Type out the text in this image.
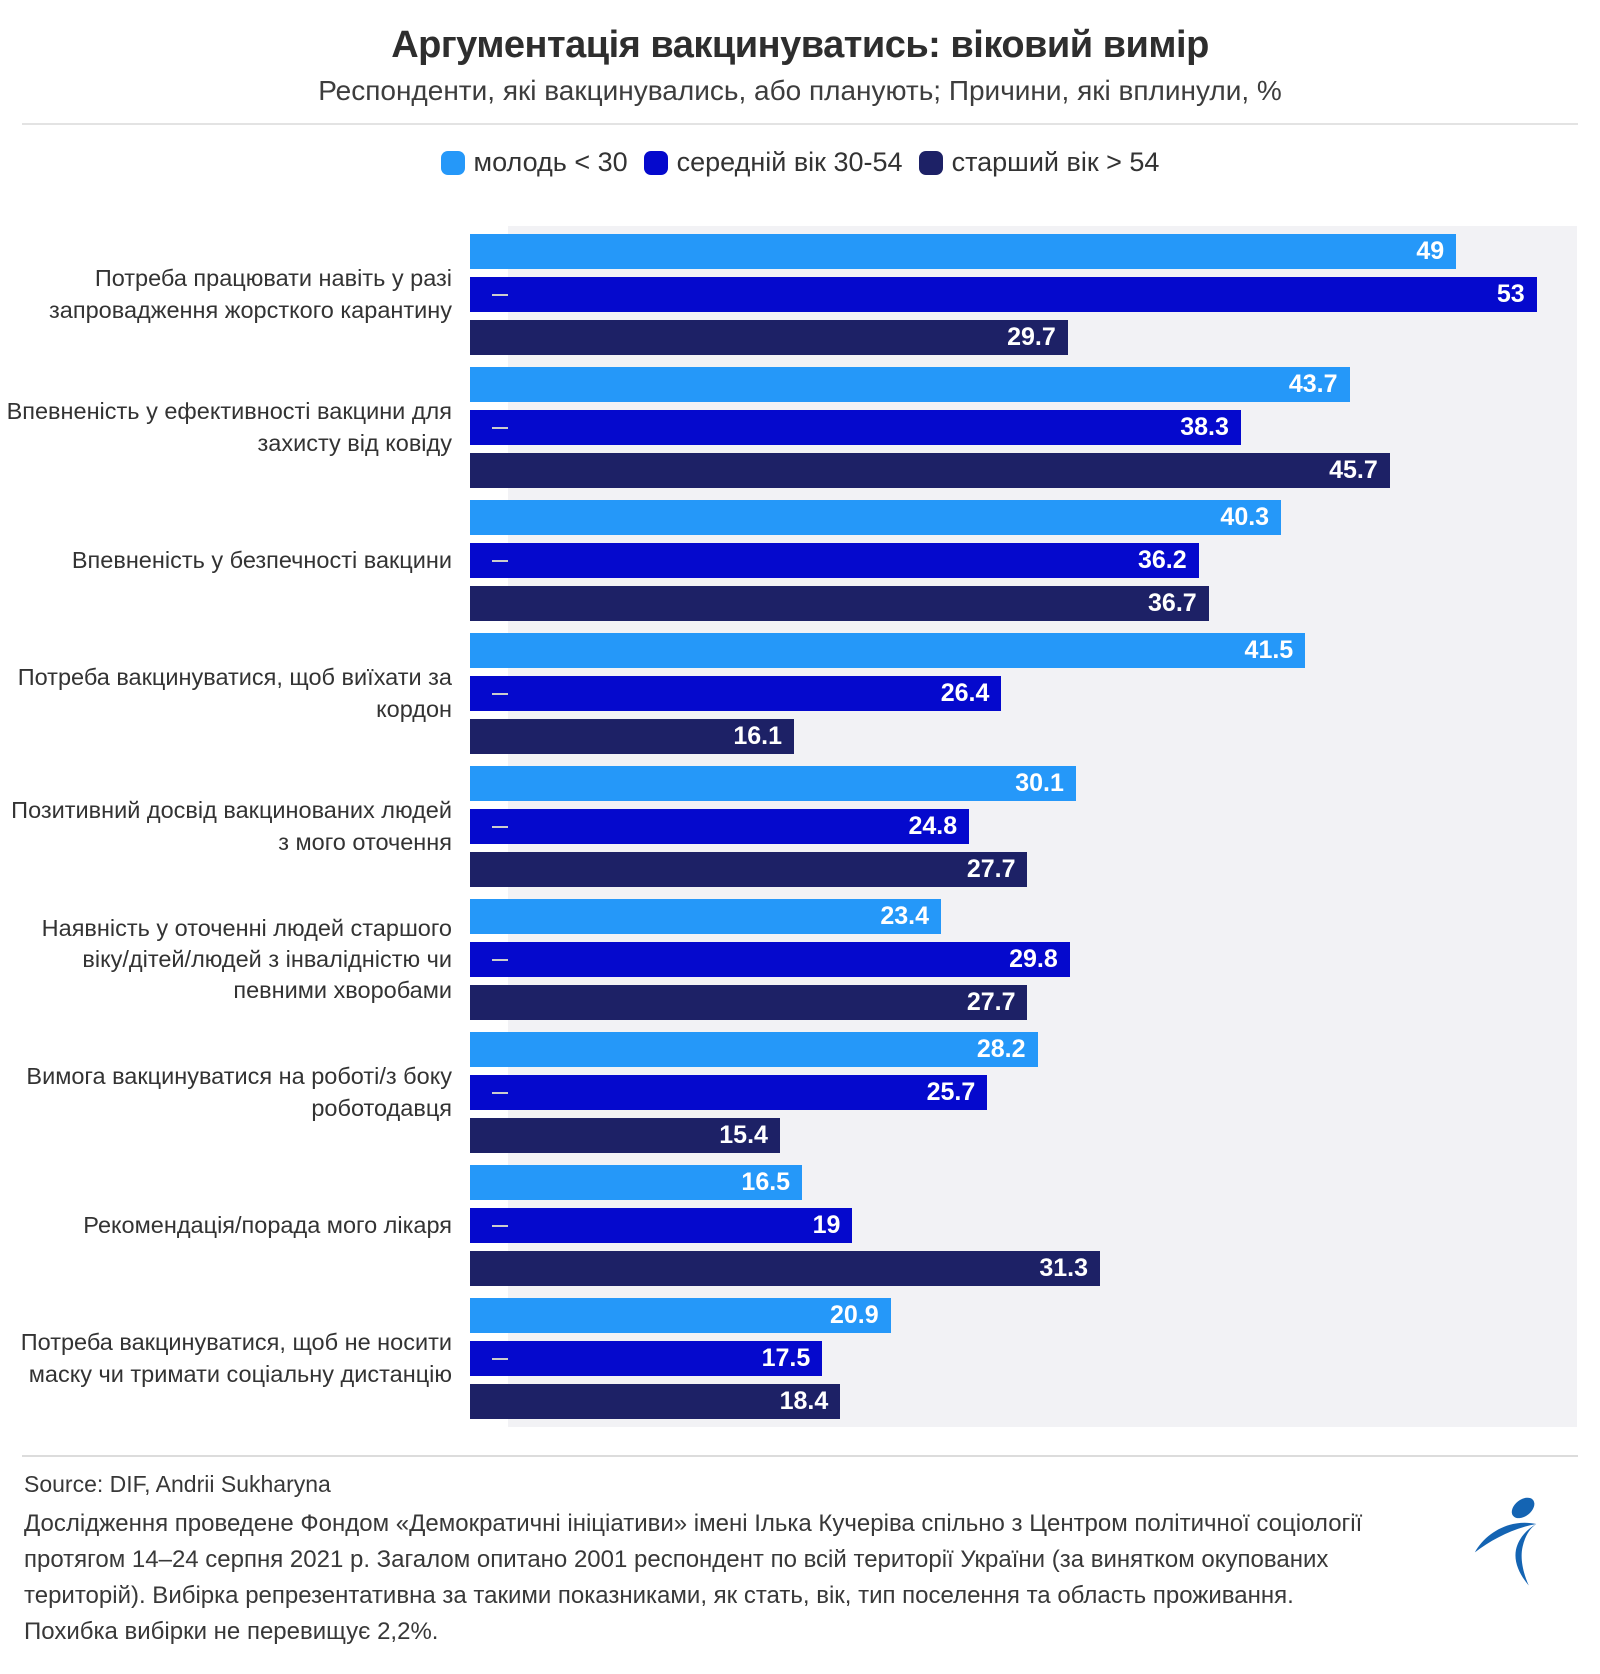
Аргументація вакцинуватись: віковий вимір
Респонденти, які вакцинувались, або планують; Причини, які вплинули, %
молодь < 30 середній вік 30-54 старший вік > 54
Потреба працювати навіть у разі запровадження жорсткого карантину
49
53
29.7
Впевненість у ефективності вакцини для захисту від ковіду
43.7
38.3
45.7
Впевненість у безпечності вакцини
40.3
36.2
36.7
Потреба вакцинуватися, щоб виїхати за кордон
41.5
26.4
16.1
Позитивний досвід вакцинованих людей з мого оточення
30.1
24.8
27.7
Наявність у оточенні людей старшого віку/дітей/людей з інвалідністю чи певними хворобами
23.4
29.8
27.7
Вимога вакцинуватися на роботі/з боку роботодавця
28.2
25.7
15.4
Рекомендація/порада мого лікаря
16.5
19
31.3
Потреба вакцинуватися, щоб не носити маску чи тримати соціальну дистанцію
20.9
17.5
18.4

Source: DIF, Andrii Sukharyna

Дослідження проведене Фондом «Демократичні ініціативи» імені Ілька Кучеріва спільно з Центром політичної соціології протягом 14–24 серпня 2021 р. Загалом опитано 2001 респондент по всій території України (за винятком окупованих територій). Вибірка репрезентативна за такими показниками, як стать, вік, тип поселення та область проживання. Похибка вибірки не перевищує 2,2%.
